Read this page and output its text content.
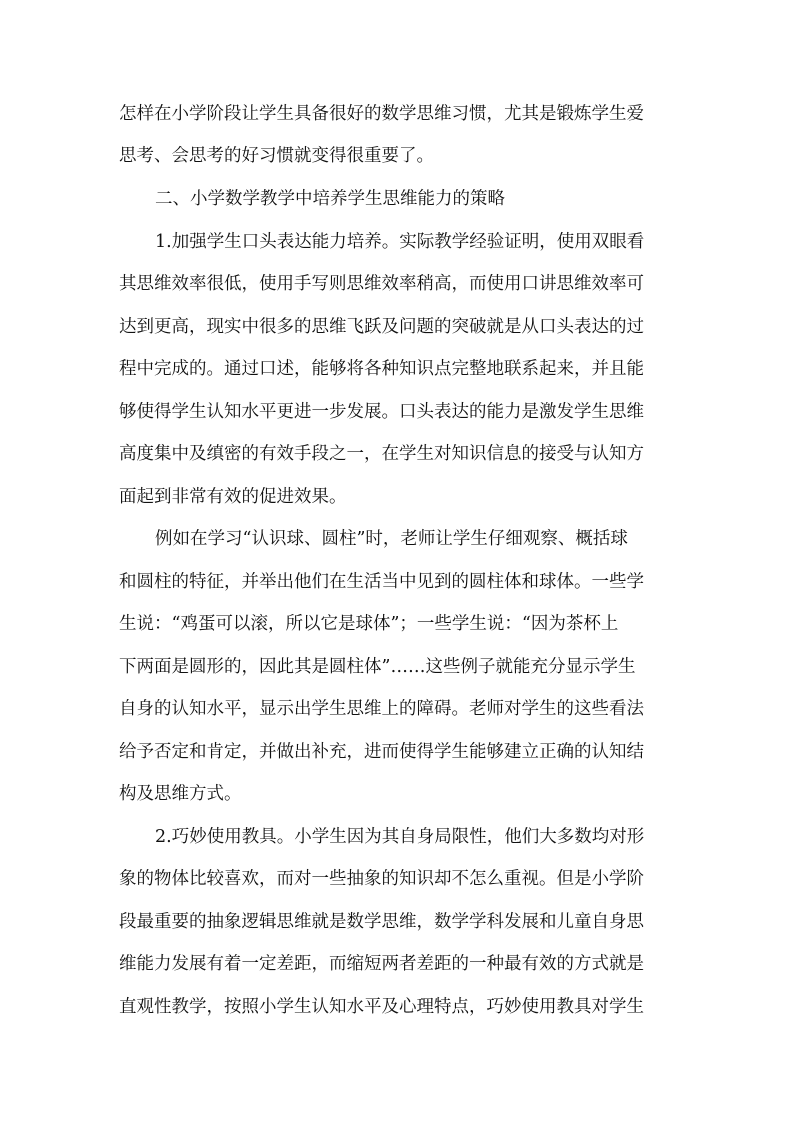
怎样在小学阶段让学生具备很好的数学思维习惯，尤其是锻炼学生爱
思考、会思考的好习惯就变得很重要了。
二、小学数学教学中培养学生思维能力的策略
1.加强学生口头表达能力培养。实际教学经验证明，使用双眼看
其思维效率很低，使用手写则思维效率稍高，而使用口讲思维效率可
达到更高，现实中很多的思维飞跃及问题的突破就是从口头表达的过
程中完成的。通过口述，能够将各种知识点完整地联系起来，并且能
够使得学生认知水平更进一步发展。口头表达的能力是激发学生思维
高度集中及缜密的有效手段之一，在学生对知识信息的接受与认知方
面起到非常有效的促进效果。
例如在学习“认识球、圆柱”时，老师让学生仔细观察、概括球
和圆柱的特征，并举出他们在生活当中见到的圆柱体和球体。一些学
生说：“鸡蛋可以滚，所以它是球体”；一些学生说：“因为茶杯上
下两面是圆形的，因此其是圆柱体”……这些例子就能充分显示学生
自身的认知水平，显示出学生思维上的障碍。老师对学生的这些看法
给予否定和肯定，并做出补充，进而使得学生能够建立正确的认知结
构及思维方式。
2.巧妙使用教具。小学生因为其自身局限性，他们大多数均对形
象的物体比较喜欢，而对一些抽象的知识却不怎么重视。但是小学阶
段最重要的抽象逻辑思维就是数学思维，数学学科发展和儿童自身思
维能力发展有着一定差距，而缩短两者差距的一种最有效的方式就是
直观性教学，按照小学生认知水平及心理特点，巧妙使用教具对学生
